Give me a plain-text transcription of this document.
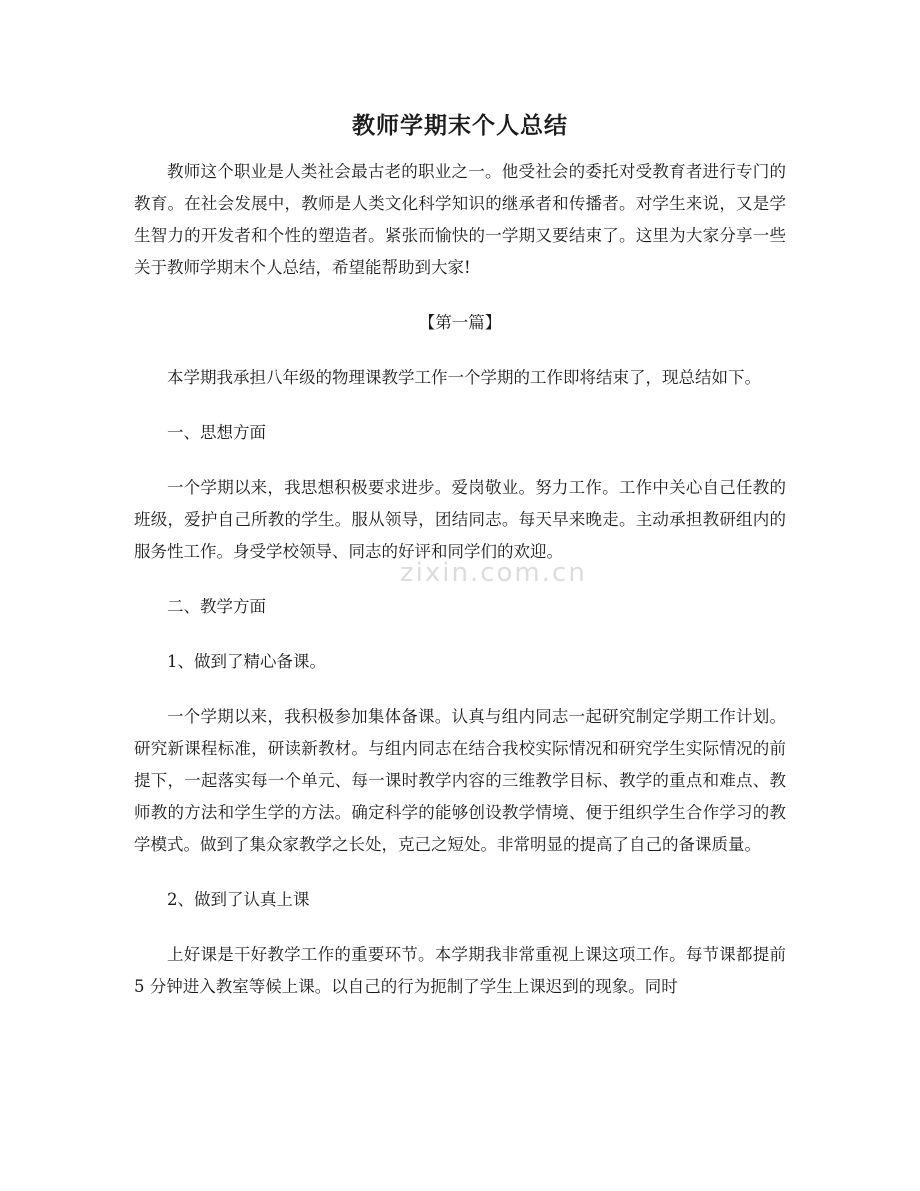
教师学期末个人总结

教师这个职业是人类社会最古老的职业之一。他受社会的委托对受教育者进行专门的教育。在社会发展中，教师是人类文化科学知识的继承者和传播者。对学生来说，又是学生智力的开发者和个性的塑造者。紧张而愉快的一学期又要结束了。这里为大家分享一些关于教师学期末个人总结，希望能帮助到大家!

【第一篇】

本学期我承担八年级的物理课教学工作一个学期的工作即将结束了，现总结如下。

一、思想方面

一个学期以来，我思想积极要求进步。爱岗敬业。努力工作。工作中关心自己任教的班级，爱护自己所教的学生。服从领导，团结同志。每天早来晚走。主动承担教研组内的服务性工作。身受学校领导、同志的好评和同学们的欢迎。

二、教学方面

1、做到了精心备课。

一个学期以来，我积极参加集体备课。认真与组内同志一起研究制定学期工作计划。研究新课程标准，研读新教材。与组内同志在结合我校实际情况和研究学生实际情况的前提下，一起落实每一个单元、每一课时教学内容的三维教学目标、教学的重点和难点、教师教的方法和学生学的方法。确定科学的能够创设教学情境、便于组织学生合作学习的教学模式。做到了集众家教学之长处，克己之短处。非常明显的提高了自己的备课质量。

2、做到了认真上课

上好课是干好教学工作的重要环节。本学期我非常重视上课这项工作。每节课都提前 5 分钟进入教室等候上课。以自己的行为扼制了学生上课迟到的现象。同时

zixin.com.cn
